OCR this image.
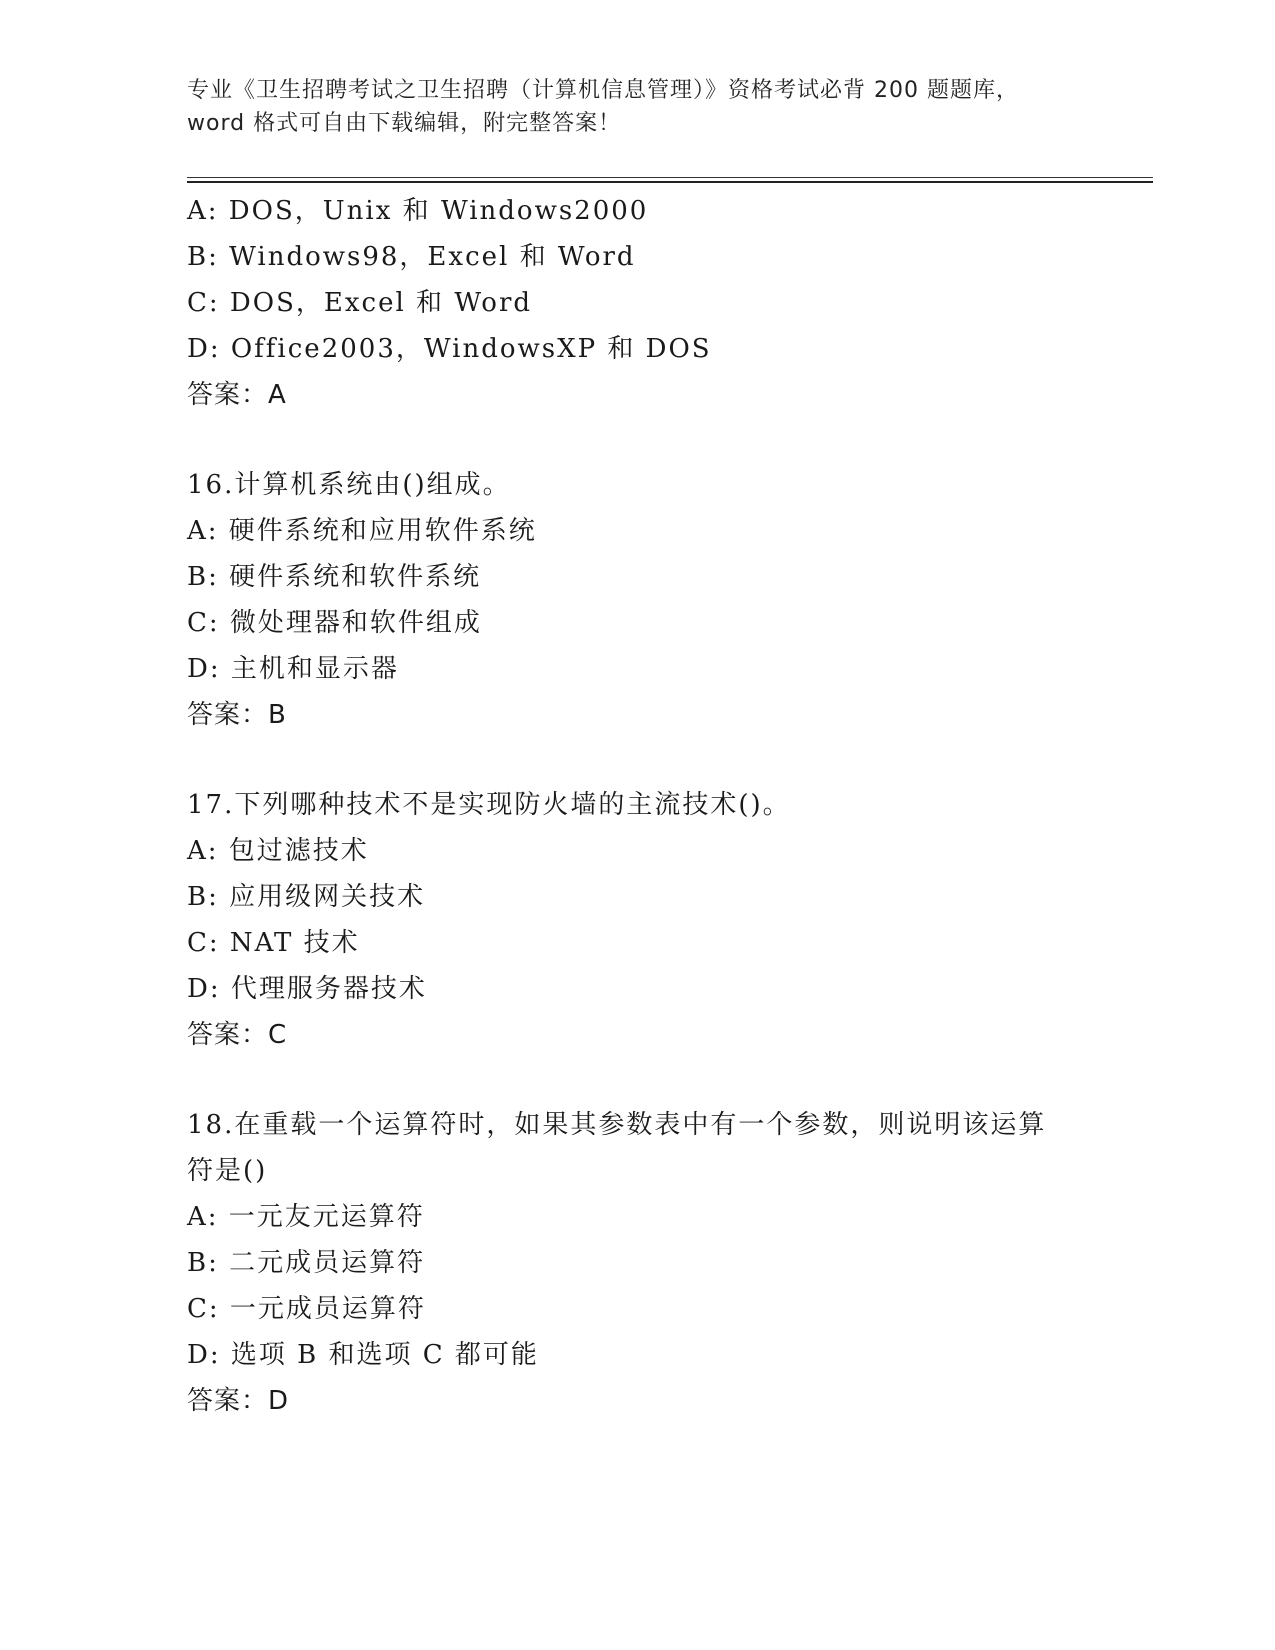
专业《卫生招聘考试之卫生招聘（计算机信息管理）》资格考试必背 200 题题库，
word 格式可自由下载编辑，附完整答案！
A: DOS，Unix 和 Windows2000
B: Windows98，Excel 和 Word
C: DOS，Excel 和 Word
D: Office2003，WindowsXP 和 DOS
答案：A
16.计算机系统由()组成。
A: 硬件系统和应用软件系统
B: 硬件系统和软件系统
C: 微处理器和软件组成
D: 主机和显示器
答案：B
17.下列哪种技术不是实现防火墙的主流技术()。
A: 包过滤技术
B: 应用级网关技术
C: NAT 技术
D: 代理服务器技术
答案：C
18.在重载一个运算符时，如果其参数表中有一个参数，则说明该运算
符是()
A: 一元友元运算符
B: 二元成员运算符
C: 一元成员运算符
D: 选项 B 和选项 C 都可能
答案：D
